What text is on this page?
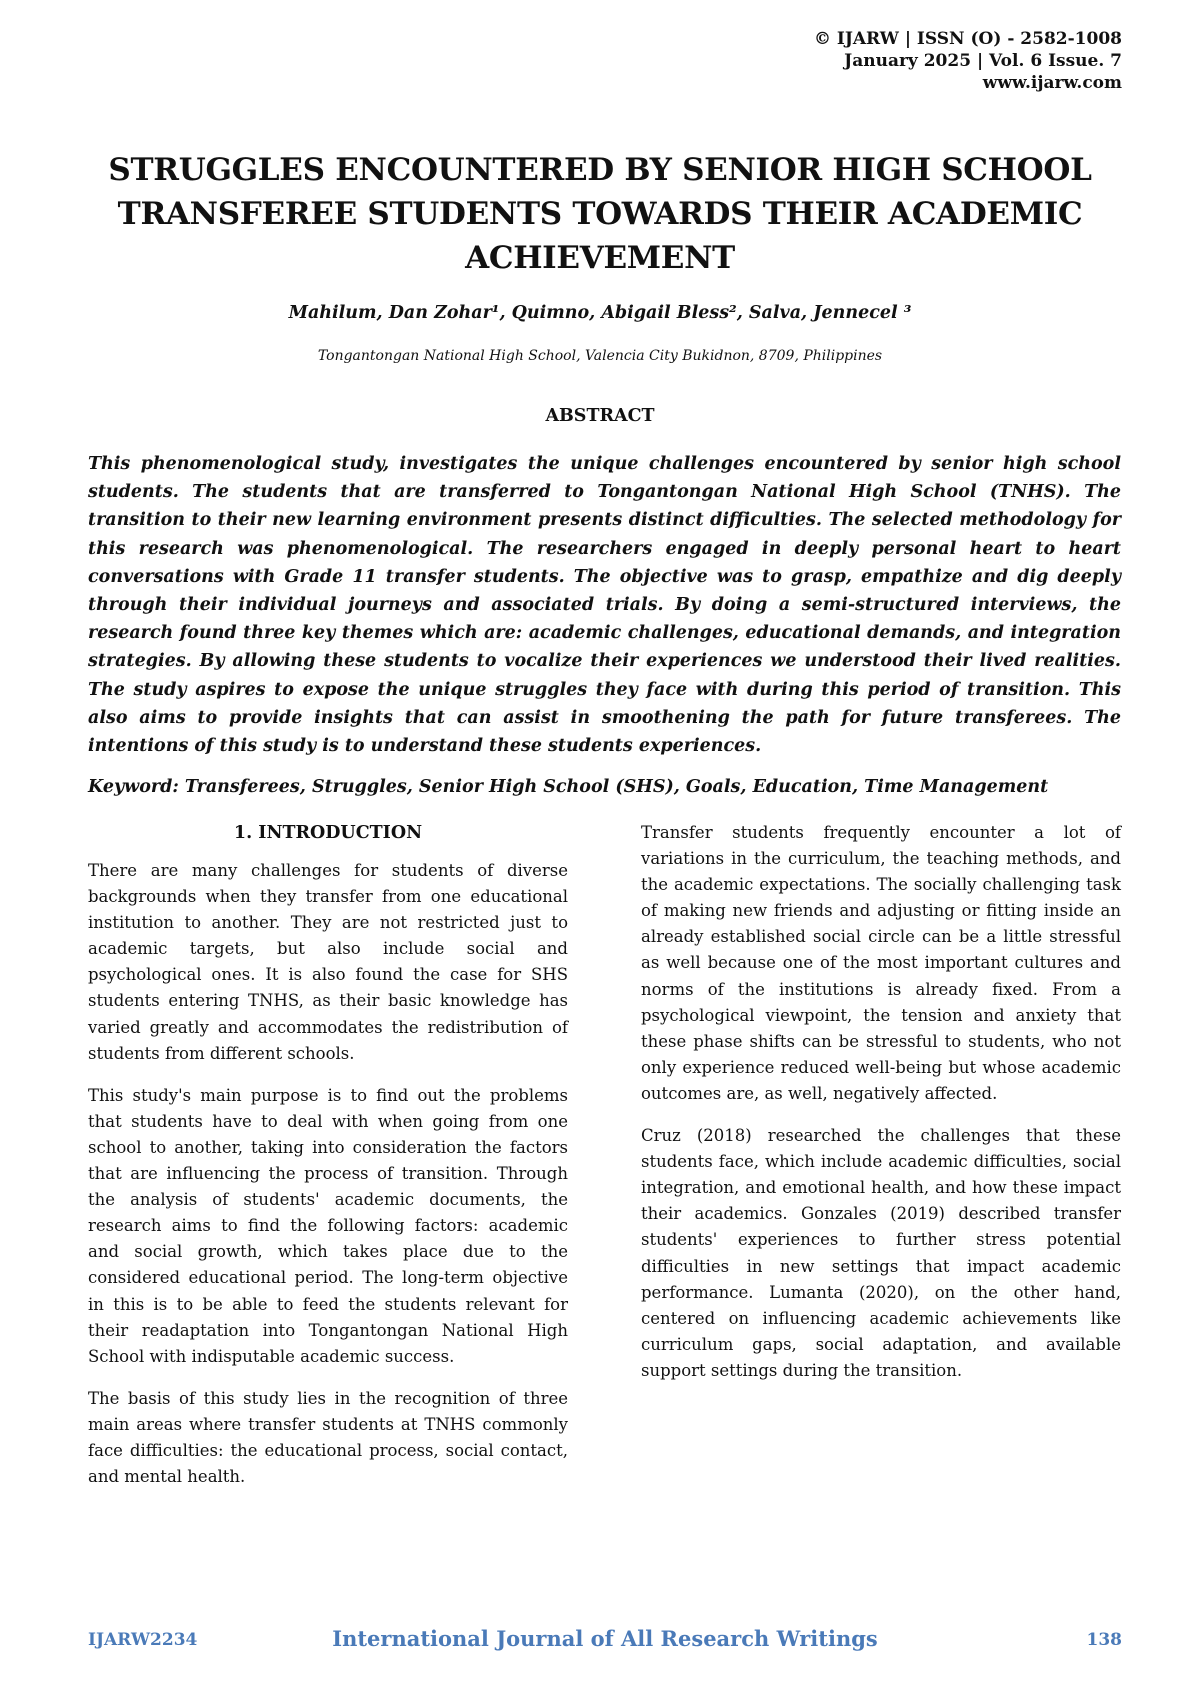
© IJARW | ISSN (O) - 2582-1008
January 2025 | Vol. 6 Issue. 7
www.ijarw.com
STRUGGLES ENCOUNTERED BY SENIOR HIGH SCHOOL TRANSFEREE STUDENTS TOWARDS THEIR ACADEMIC ACHIEVEMENT
Mahilum, Dan Zohar¹, Quimno, Abigail Bless², Salva, Jennecel ³
Tongantongan National High School, Valencia City Bukidnon, 8709, Philippines
ABSTRACT

This phenomenological study, investigates the unique challenges encountered by senior high school students. The students that are transferred to Tongantongan National High School (TNHS). The transition to their new learning environment presents distinct difficulties. The selected methodology for this research was phenomenological. The researchers engaged in deeply personal heart to heart conversations with Grade 11 transfer students. The objective was to grasp, empathize and dig deeply through their individual journeys and associated trials. By doing a semi-structured interviews, the research found three key themes which are: academic challenges, educational demands, and integration strategies. By allowing these students to vocalize their experiences we understood their lived realities. The study aspires to expose the unique struggles they face with during this period of transition. This also aims to provide insights that can assist in smoothening the path for future transferees. The intentions of this study is to understand these students experiences.

Keyword: Transferees, Struggles, Senior High School (SHS), Goals, Education, Time Management
1. INTRODUCTION

There are many challenges for students of diverse backgrounds when they transfer from one educational institution to another. They are not restricted just to academic targets, but also include social and psychological ones. It is also found the case for SHS students entering TNHS, as their basic knowledge has varied greatly and accommodates the redistribution of students from different schools.

This study's main purpose is to find out the problems that students have to deal with when going from one school to another, taking into consideration the factors that are influencing the process of transition. Through the analysis of students' academic documents, the research aims to find the following factors: academic and social growth, which takes place due to the considered educational period. The long-term objective in this is to be able to feed the students relevant for their readaptation into Tongantongan National High School with indisputable academic success.

The basis of this study lies in the recognition of three main areas where transfer students at TNHS commonly face difficulties: the educational process, social contact, and mental health.

Transfer students frequently encounter a lot of variations in the curriculum, the teaching methods, and the academic expectations. The socially challenging task of making new friends and adjusting or fitting inside an already established social circle can be a little stressful as well because one of the most important cultures and norms of the institutions is already fixed. From a psychological viewpoint, the tension and anxiety that these phase shifts can be stressful to students, who not only experience reduced well-being but whose academic outcomes are, as well, negatively affected.

Cruz (2018) researched the challenges that these students face, which include academic difficulties, social integration, and emotional health, and how these impact their academics. Gonzales (2019) described transfer students' experiences to further stress potential difficulties in new settings that impact academic performance. Lumanta (2020), on the other hand, centered on influencing academic achievements like curriculum gaps, social adaptation, and available support settings during the transition.

IJARW2234	International Journal of All Research Writings	138
